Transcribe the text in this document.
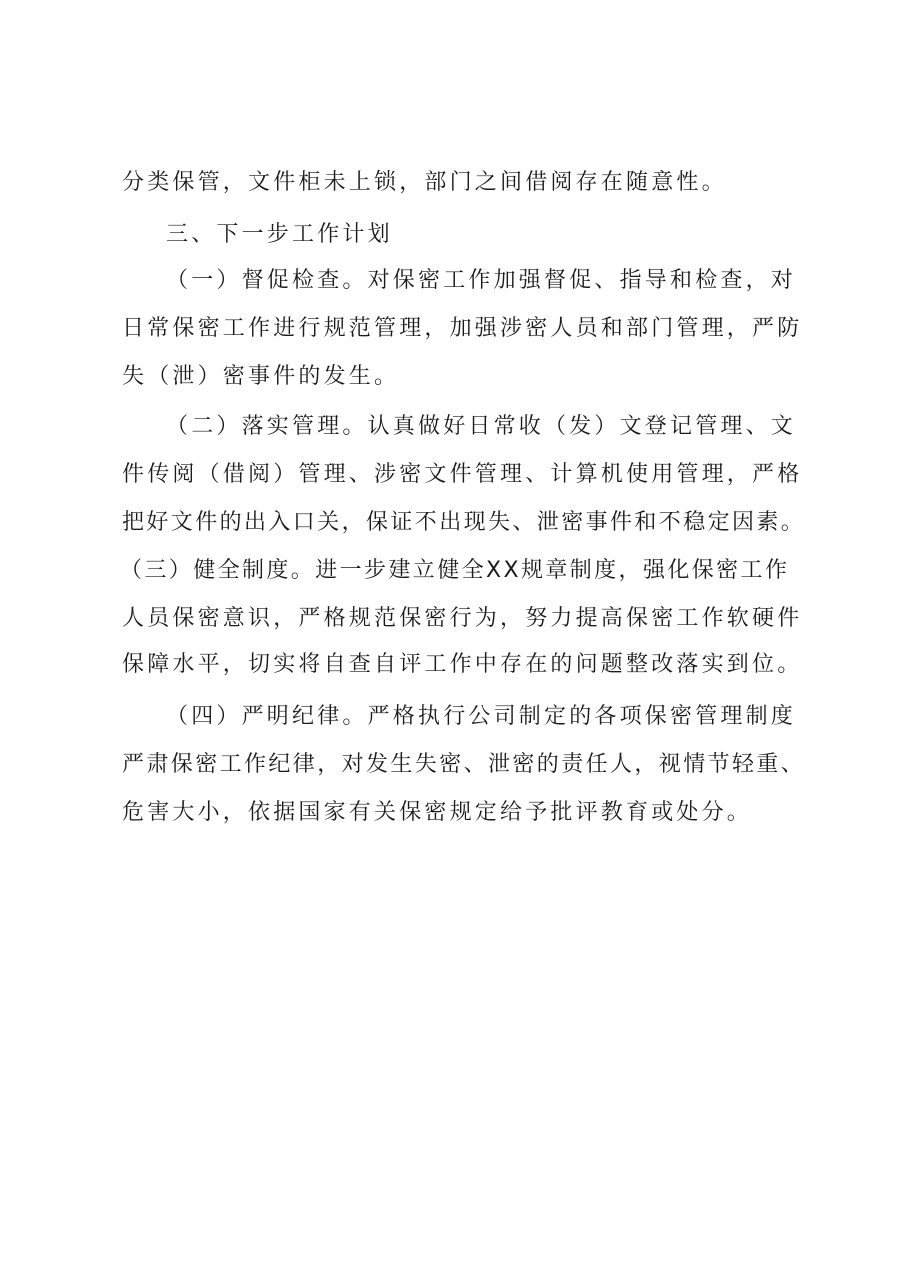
分类保管，文件柜未上锁，部门之间借阅存在随意性。
三、下一步工作计划
（一）督促检查。对保密工作加强督促、指导和检查，对
日常保密工作进行规范管理，加强涉密人员和部门管理，严防
失（泄）密事件的发生。
（二）落实管理。认真做好日常收（发）文登记管理、文
件传阅（借阅）管理、涉密文件管理、计算机使用管理，严格
把好文件的出入口关，保证不出现失、泄密事件和不稳定因素。
（三）健全制度。进一步建立健全XX规章制度，强化保密工作
人员保密意识，严格规范保密行为，努力提高保密工作软硬件
保障水平，切实将自查自评工作中存在的问题整改落实到位。
（四）严明纪律。严格执行公司制定的各项保密管理制度
严肃保密工作纪律，对发生失密、泄密的责任人，视情节轻重、
危害大小，依据国家有关保密规定给予批评教育或处分。
